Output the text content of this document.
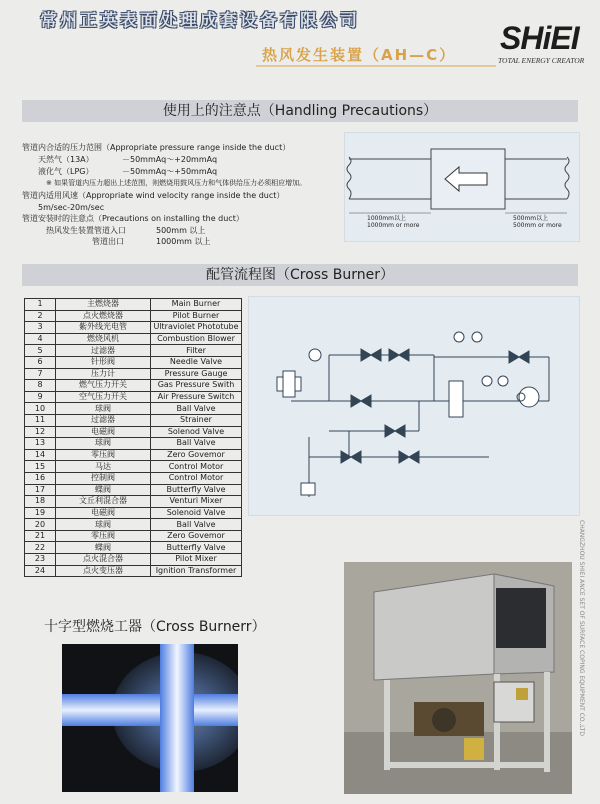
常州正英表面处理成套设备有限公司	SHiEI
TOTAL ENERGY CREATOR
热风发生装置（AH—C）
使用上的注意点（Handling Precautions）
管道内合适的压力范围（Appropriate pressure range inside the duct）
天然气（13A）	－50mmAq～+20mmAq
液化气（LPG）	－50mmAq～+50mmAq
※ 如果管道内压力超出上述范围，则燃烧用鼓风压力和气体供给压力必须相应增加。
管道内适用风速（Appropriate wind velocity range inside the duct）
5m/sec-20m/sec
管道安装时的注意点（Precautions on installing the duct）
热风发生装置管道入口	500mm 以上
管道出口	1000mm 以上
1000mm以上
1000mm or more
500mm以上
500mm or more
配管流程图（Cross Burner）
1	主燃烧器	Main Burner
2	点火燃烧器	Pilot Burner
3	紫外线光电管	Ultraviolet Phototube
4	燃烧风机	Combustion Blower
5	过滤器	Filter
6	针形阀	Needle Valve
7	压力计	Pressure Gauge
8	燃气压力开关	Gas Pressure Swith
9	空气压力开关	Air Pressure Switch
10	球阀	Ball Valve
11	过滤器	Strainer
12	电磁阀	Solenod Valve
13	球阀	Ball Valve
14	零压阀	Zero Govemor
15	马达	Control Motor
16	控制阀	Control Motor
17	蝶阀	Butterfly Valve
18	文丘利混合器	Venturi Mixer
19	电磁阀	Solenoid Valve
20	球阀	Ball Valve
21	零压阀	Zero Govemor
22	蝶阀	Butterfly Valve
23	点火混合器	Pilot Mixer
24	点火变压器	Ignition Transformer
十字型燃烧工器（Cross Burnerr）	CHANGZHOU SHIEI ANCE SET OF SURFACE COPING EQUIPMENT CO.,LTD
